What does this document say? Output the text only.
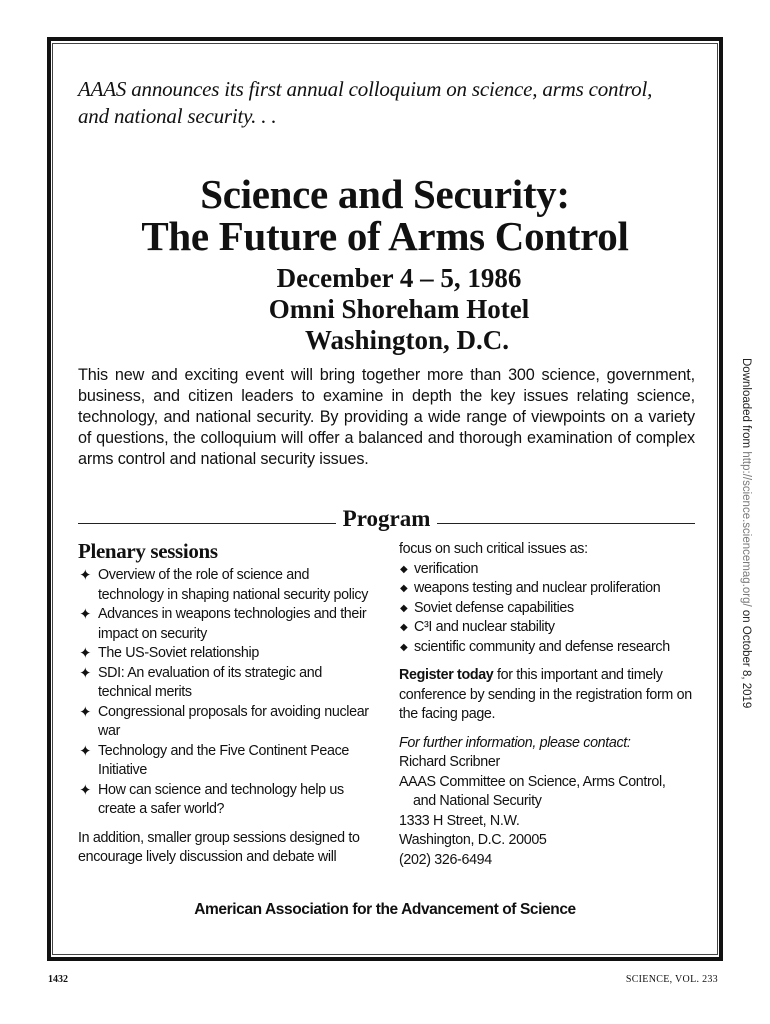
AAAS announces its first annual colloquium on science, arms control,
and national security. . .
Science and Security:
The Future of Arms Control
December 4 – 5, 1986
Omni Shoreham Hotel
Washington, D.C.
This new and exciting event will bring together more than 300 science, government, business, and citizen leaders to examine in depth the key issues relating science, technology, and national security. By providing a wide range of viewpoints on a variety of questions, the colloquium will offer a balanced and thorough examination of complex arms control and national security issues.
Program
Plenary sessions
✦ Overview of the role of science and technology in shaping national security policy
✦ Advances in weapons technologies and their impact on security
✦ The US-Soviet relationship
✦ SDI: An evaluation of its strategic and technical merits
✦ Congressional proposals for avoiding nuclear war
✦ Technology and the Five Continent Peace Initiative
✦ How can science and technology help us create a safer world?
In addition, smaller group sessions designed to encourage lively discussion and debate will
focus on such critical issues as:
◆ verification
◆ weapons testing and nuclear proliferation
◆ Soviet defense capabilities
◆ C³I and nuclear stability
◆ scientific community and defense research
Register today for this important and timely conference by sending in the registration form on the facing page.
For further information, please contact:
Richard Scribner
AAAS Committee on Science, Arms Control,
and National Security
1333 H Street, N.W.
Washington, D.C. 20005
(202) 326-6494
American Association for the Advancement of Science
1432	SCIENCE, VOL. 233
Downloaded from http://science.sciencemag.org/ on October 8, 2019
